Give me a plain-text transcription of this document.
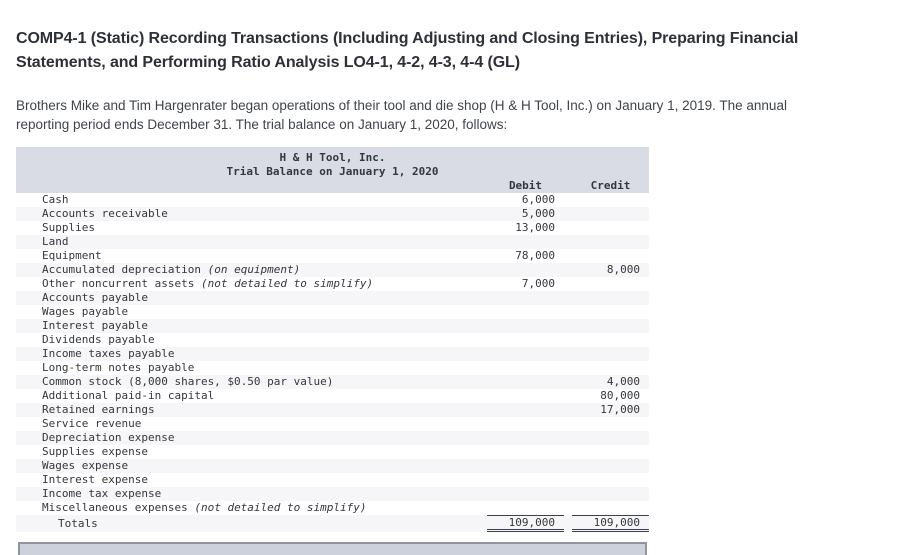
COMP4-1 (Static) Recording Transactions (Including Adjusting and Closing Entries), Preparing Financial
Statements, and Performing Ratio Analysis LO4-1, 4-2, 4-3, 4-4 (GL)

Brothers Mike and Tim Hargenrater began operations of their tool and die shop (H & H Tool, Inc.) on January 1, 2019. The annual
reporting period ends December 31. The trial balance on January 1, 2020, follows:

H & H Tool, Inc.		
Trial Balance on January 1, 2020		
	Debit	Credit
Cash	6,000	
Accounts receivable	5,000	
Supplies	13,000	
Land		
Equipment	78,000	
Accumulated depreciation (on equipment)		8,000
Other noncurrent assets (not detailed to simplify)	7,000	
Accounts payable		
Wages payable		
Interest payable		
Dividends payable		
Income taxes payable		
Long-term notes payable		
Common stock (8,000 shares, $0.50 par value)		4,000
Additional paid-in capital		80,000
Retained earnings		17,000
Service revenue		
Depreciation expense		
Supplies expense		
Wages expense		
Interest expense		
Income tax expense		
Miscellaneous expenses (not detailed to simplify)		
Totals	109,000	109,000
